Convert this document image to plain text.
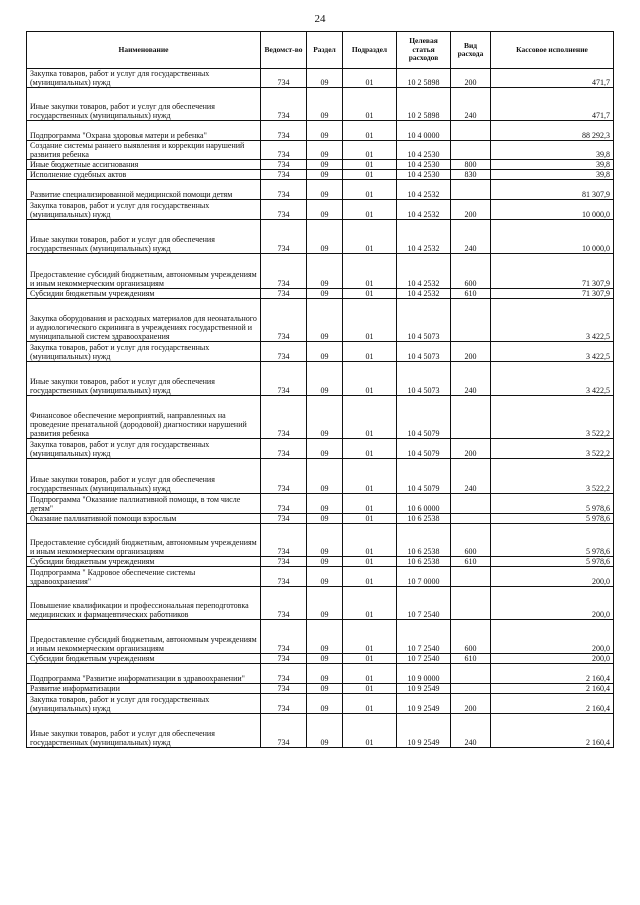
24
Наименование	Ведомст-во	Раздел	Подраздел	Целевая статья расходов	Вид расхода	Кассовое исполнение
Закупка товаров, работ и услуг для государственных (муниципальных) нужд	734	09	01	10 2 5898	200	471,7
Иные закупки товаров, работ и услуг для обеспечения государственных (муниципальных) нужд	734	09	01	10 2 5898	240	471,7
Подпрограмма "Охрана здоровья матери и ребенка"	734	09	01	10 4 0000		88 292,3
Создание системы раннего выявления и коррекции нарушений развития ребенка	734	09	01	10 4 2530		39,8
Иные бюджетные ассигнования	734	09	01	10 4 2530	800	39,8
Исполнение судебных актов	734	09	01	10 4 2530	830	39,8
Развитие специализированной медицинской помощи детям	734	09	01	10 4 2532		81 307,9
Закупка товаров, работ и услуг для государственных (муниципальных) нужд	734	09	01	10 4 2532	200	10 000,0
Иные закупки товаров, работ и услуг для обеспечения государственных (муниципальных) нужд	734	09	01	10 4 2532	240	10 000,0
Предоставление субсидий бюджетным, автономным учреждениям и иным некоммерческим организациям	734	09	01	10 4 2532	600	71 307,9
Субсидии бюджетным учреждениям	734	09	01	10 4 2532	610	71 307,9
Закупка оборудования и расходных материалов для неонатального и аудиологического скрининга в учреждениях государственной и муниципальной систем здравоохранения	734	09	01	10 4 5073		3 422,5
Закупка товаров, работ и услуг для государственных (муниципальных) нужд	734	09	01	10 4 5073	200	3 422,5
Иные закупки товаров, работ и услуг для обеспечения государственных (муниципальных) нужд	734	09	01	10 4 5073	240	3 422,5
Финансовое обеспечение мероприятий, направленных на проведение пренатальной (дородовой) диагностики нарушений развития ребенка	734	09	01	10 4 5079		3 522,2
Закупка товаров, работ и услуг для государственных (муниципальных) нужд	734	09	01	10 4 5079	200	3 522,2
Иные закупки товаров, работ и услуг для обеспечения государственных (муниципальных) нужд	734	09	01	10 4 5079	240	3 522,2
Подпрограмма "Оказание паллиативной помощи, в том числе детям"	734	09	01	10 6 0000		5 978,6
Оказание паллиативной помощи взрослым	734	09	01	10 6 2538		5 978,6
Предоставление субсидий бюджетным, автономным учреждениям и иным некоммерческим организациям	734	09	01	10 6 2538	600	5 978,6
Субсидии бюджетным учреждениям	734	09	01	10 6 2538	610	5 978,6
Подпрограмма " Кадровое обеспечение системы здравоохранения"	734	09	01	10 7 0000		200,0
Повышение квалификации и профессиональная переподготовка медицинских и фармацевтических работников	734	09	01	10 7 2540		200,0
Предоставление субсидий бюджетным, автономным учреждениям и иным некоммерческим организациям	734	09	01	10 7 2540	600	200,0
Субсидии бюджетным учреждениям	734	09	01	10 7 2540	610	200,0
Подпрограмма "Развитие информатизации в здравоохранении"	734	09	01	10 9 0000		2 160,4
Развитие информатизации	734	09	01	10 9 2549		2 160,4
Закупка товаров, работ и услуг для государственных (муниципальных) нужд	734	09	01	10 9 2549	200	2 160,4
Иные закупки товаров, работ и услуг для обеспечения государственных (муниципальных) нужд	734	09	01	10 9 2549	240	2 160,4
